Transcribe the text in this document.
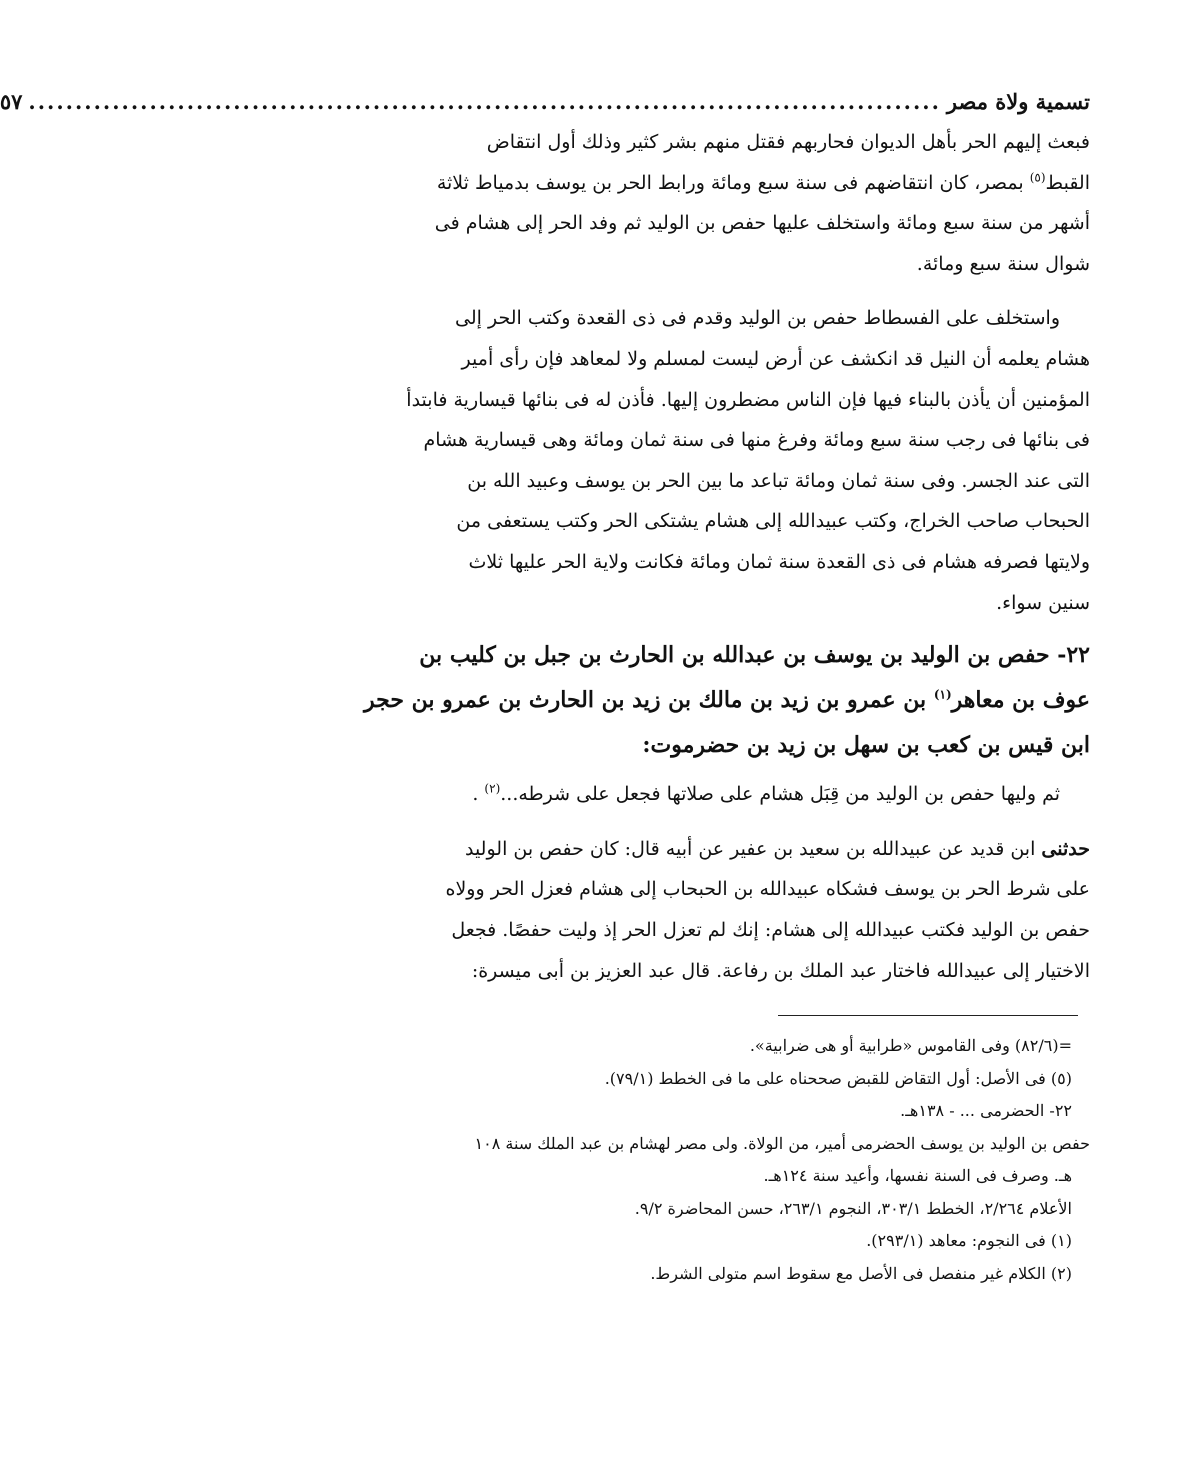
تسمية ولاة مصر
..................................................................................................
٥٧

فبعث إليهم الحر بأهل الديوان فحاربهم فقتل منهم بشر كثير وذلك أول انتقاض

القبط$^{(٥)}$ بمصر، كان انتقاضهم فى سنة سبع ومائة ورابط الحر بن يوسف بدمياط ثلاثة

أشهر من سنة سبع ومائة واستخلف عليها حفص بن الوليد ثم وفد الحر إلى هشام فى

شوال سنة سبع ومائة.

واستخلف على الفسطاط حفص بن الوليد وقدم فى ذى القعدة وكتب الحر إلى

هشام يعلمه أن النيل قد انكشف عن أرض ليست لمسلم ولا لمعاهد فإن رأى أمير

المؤمنين أن يأذن بالبناء فيها فإن الناس مضطرون إليها. فأذن له فى بنائها قيسارية فابتدأ

فى بنائها فى رجب سنة سبع ومائة وفرغ منها فى سنة ثمان ومائة وهى قيسارية هشام

التى عند الجسر. وفى سنة ثمان ومائة تباعد ما بين الحر بن يوسف وعبيد الله بن

الحبحاب صاحب الخراج، وكتب عبيدالله إلى هشام يشتكى الحر وكتب يستعفى من

ولايتها فصرفه هشام فى ذى القعدة سنة ثمان ومائة فكانت ولاية الحر عليها ثلاث

سنين سواء.

٢٢- حفص بن الوليد بن يوسف بن عبدالله بن الحارث بن جبل بن كليب بن
عوف بن معاهر$^{(١)}$ بن عمرو بن زيد بن مالك بن زيد بن الحارث بن عمرو بن حجر
ابن قيس بن كعب بن سهل بن زيد بن حضرموت:

ثم وليها حفص بن الوليد من قِبَل هشام على صلاتها فجعل على شرطه...$^{(٢)}$ .

حدثنى ابن قديد عن عبيدالله بن سعيد بن عفير عن أبيه قال: كان حفص بن الوليد

على شرط الحر بن يوسف فشكاه عبيدالله بن الحبحاب إلى هشام فعزل الحر وولاه

حفص بن الوليد فكتب عبيدالله إلى هشام: إنك لم تعزل الحر إذ وليت حفصًا. فجعل

الاختيار إلى عبيدالله فاختار عبد الملك بن رفاعة. قال عبد العزيز بن أبى ميسرة:

=(٨٢/٦) وفى القاموس «طرابية أو هى ضرابية».

(٥) فى الأصل: أول التقاض للقبض صححناه على ما فى الخطط (٧٩/١).

٢٢- الحضرمى ... - ١٣٨هـ.

حفص بن الوليد بن يوسف الحضرمى أمير، من الولاة. ولى مصر لهشام بن عبد الملك سنة ١٠٨

هـ. وصرف فى السنة نفسها، وأعيد سنة ١٢٤هـ.

الأعلام ٢/٢٦٤، الخطط ٣٠٣/١، النجوم ٢٦٣/١، حسن المحاضرة ٩/٢.

(١) فى النجوم: معاهد (٢٩٣/١).

(٢) الكلام غير منفصل فى الأصل مع سقوط اسم متولى الشرط.
